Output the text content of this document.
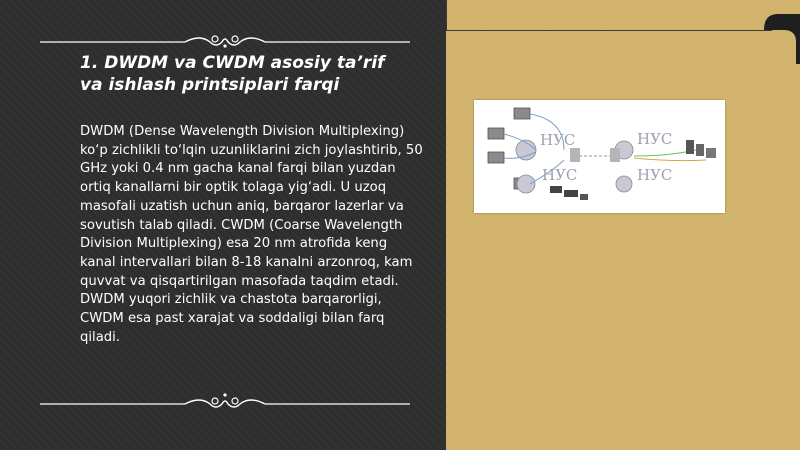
1. DWDM va CWDM asosiy ta’rif va ishlash printsiplari farqi

DWDM (Dense Wavelength Division Multiplexing) ko‘p zichlikli to‘lqin uzunliklarini zich joylashtirib, 50 GHz yoki 0.4 nm gacha kanal farqi bilan yuzdan ortiq kanallarni bir optik tolaga yig‘adi. U uzoq masofali uzatish uchun aniq, barqaror lazerlar va sovutish talab qiladi. CWDM (Coarse Wavelength Division Multiplexing) esa 20 nm atrofida keng kanal intervallari bilan 8-18 kanalni arzonroq, kam quvvat va qisqartirilgan masofada taqdim etadi. DWDM yuqori zichlik va chastota barqarorligi, CWDM esa past xarajat va soddaligi bilan farq qiladi.

НУС
НУС
НУС
НУС
